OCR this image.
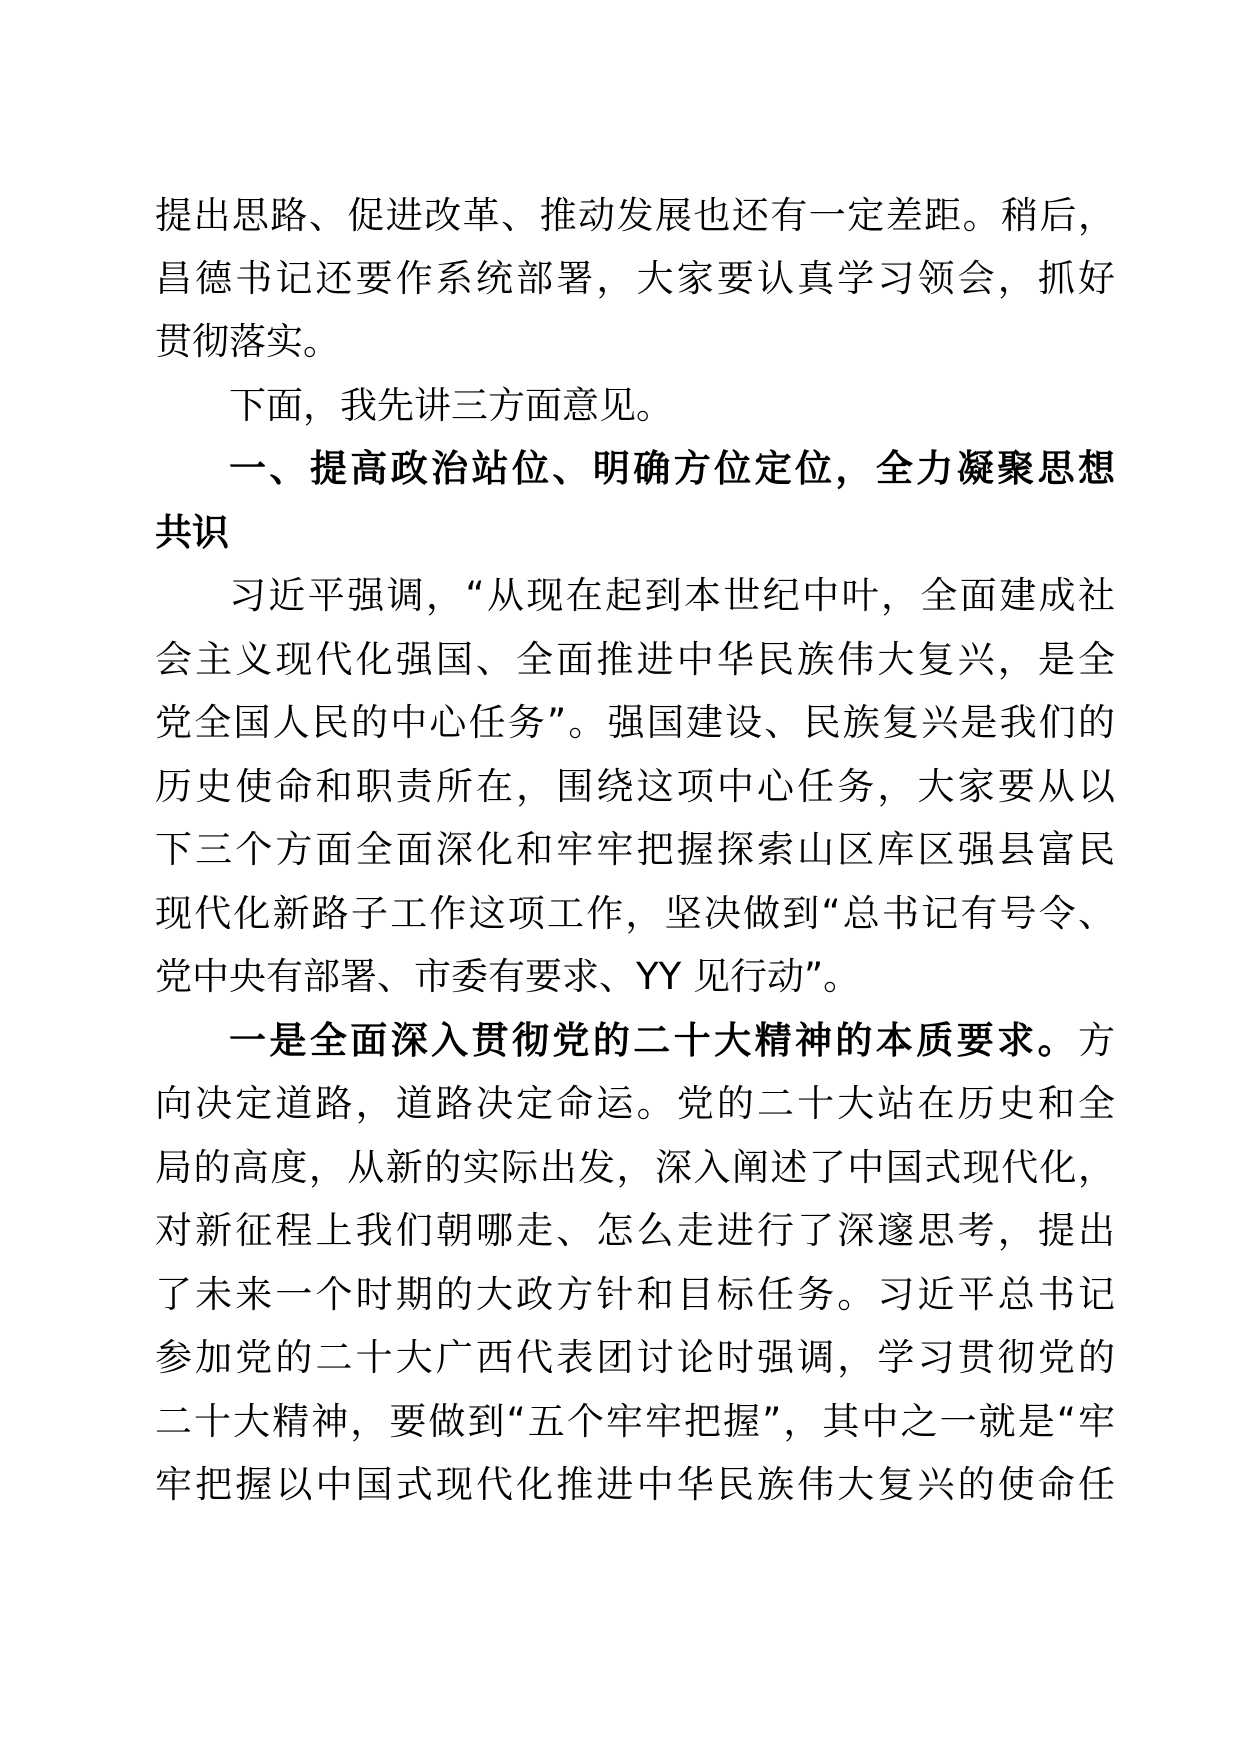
提出思路、促进改革、推动发展也还有一定差距。稍后，
昌德书记还要作系统部署，大家要认真学习领会，抓好
贯彻落实。
下面，我先讲三方面意见。
一、提高政治站位、明确方位定位，全力凝聚思想
共识
习近平强调，“从现在起到本世纪中叶，全面建成社
会主义现代化强国、全面推进中华民族伟大复兴，是全
党全国人民的中心任务”。强国建设、民族复兴是我们的
历史使命和职责所在，围绕这项中心任务，大家要从以
下三个方面全面深化和牢牢把握探索山区库区强县富民
现代化新路子工作这项工作，坚决做到“总书记有号令、
党中央有部署、市委有要求、YY 见行动”。
一是全面深入贯彻党的二十大精神的本质要求。方
向决定道路，道路决定命运。党的二十大站在历史和全
局的高度，从新的实际出发，深入阐述了中国式现代化，
对新征程上我们朝哪走、怎么走进行了深邃思考，提出
了未来一个时期的大政方针和目标任务。习近平总书记
参加党的二十大广西代表团讨论时强调，学习贯彻党的
二十大精神，要做到“五个牢牢把握”，其中之一就是“牢
牢把握以中国式现代化推进中华民族伟大复兴的使命任
